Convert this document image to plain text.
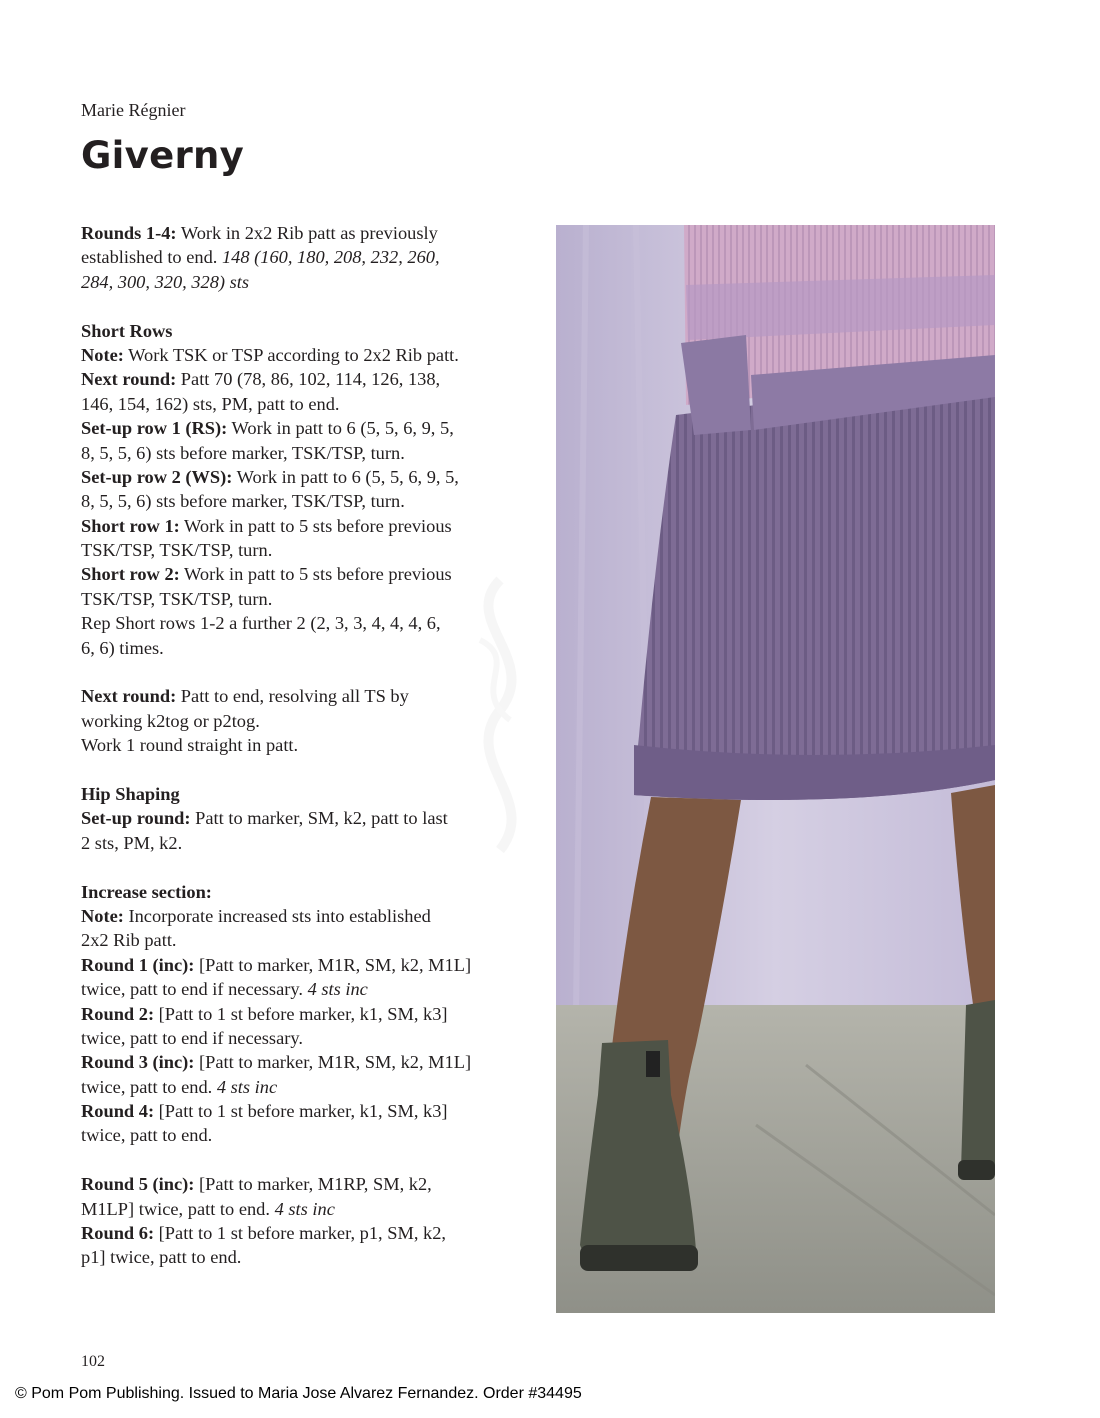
Marie Régnier
Giverny
Rounds 1-4: Work in 2x2 Rib patt as previously
established to end. 148 (160, 180, 208, 232, 260,
284, 300, 320, 328) sts
Short Rows
Note: Work TSK or TSP according to 2x2 Rib patt.
Next round: Patt 70 (78, 86, 102, 114, 126, 138,
146, 154, 162) sts, PM, patt to end.
Set-up row 1 (RS): Work in patt to 6 (5, 5, 6, 9, 5,
8, 5, 5, 6) sts before marker, TSK/TSP, turn.
Set-up row 2 (WS): Work in patt to 6 (5, 5, 6, 9, 5,
8, 5, 5, 6) sts before marker, TSK/TSP, turn.
Short row 1: Work in patt to 5 sts before previous
TSK/TSP, TSK/TSP, turn.
Short row 2: Work in patt to 5 sts before previous
TSK/TSP, TSK/TSP, turn.
Rep Short rows 1-2 a further 2 (2, 3, 3, 4, 4, 4, 6,
6, 6) times.
Next round: Patt to end, resolving all TS by
working k2tog or p2tog.
Work 1 round straight in patt.
Hip Shaping
Set-up round: Patt to marker, SM, k2, patt to last
2 sts, PM, k2.
Increase section:
Note: Incorporate increased sts into established
2x2 Rib patt.
Round 1 (inc): [Patt to marker, M1R, SM, k2, M1L]
twice, patt to end if necessary. 4 sts inc
Round 2: [Patt to 1 st before marker, k1, SM, k3]
twice, patt to end if necessary.
Round 3 (inc): [Patt to marker, M1R, SM, k2, M1L]
twice, patt to end. 4 sts inc
Round 4: [Patt to 1 st before marker, k1, SM, k3]
twice, patt to end.
Round 5 (inc): [Patt to marker, M1RP, SM, k2,
M1LP] twice, patt to end. 4 sts inc
Round 6: [Patt to 1 st before marker, p1, SM, k2,
p1] twice, patt to end.
102
© Pom Pom Publishing. Issued to Maria Jose Alvarez Fernandez. Order #34495
